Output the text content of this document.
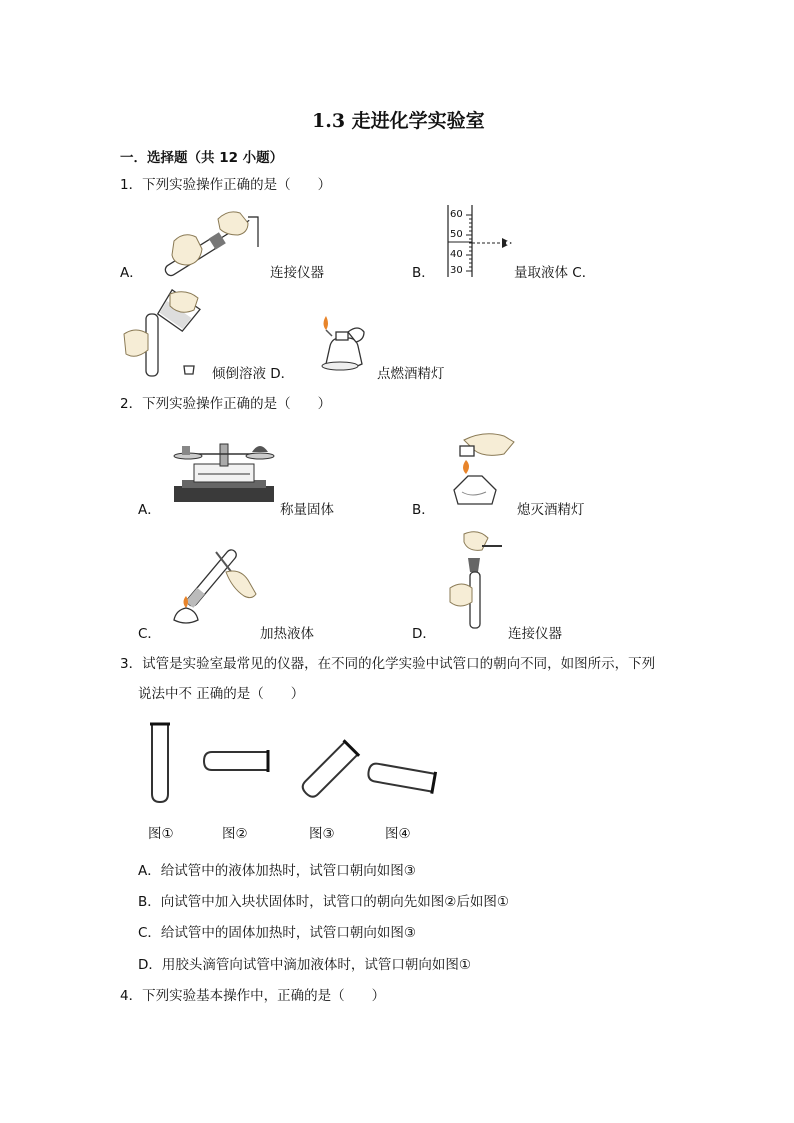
1.3 走进化学实验室
一．选择题（共 12 小题）
1．下列实验操作正确的是（　　）
A．	连接仪器
60
50
40
30
B．	量取液体 C．
倾倒溶液 D．	点燃酒精灯
2．下列实验操作正确的是（　　）
A．	称量固体	B．	熄灭酒精灯
C．	加热液体	D．	连接仪器
3．试管是实验室最常见的仪器，在不同的化学实验中试管口的朝向不同，如图所示，下列
说法中不 正确的是（　　）
图①	图②	图③	图④
A．给试管中的液体加热时，试管口朝向如图③
B．向试管中加入块状固体时，试管口的朝向先如图②后如图①
C．给试管中的固体加热时，试管口朝向如图③
D．用胶头滴管向试管中滴加液体时，试管口朝向如图①
4．下列实验基本操作中，正确的是（　　）
